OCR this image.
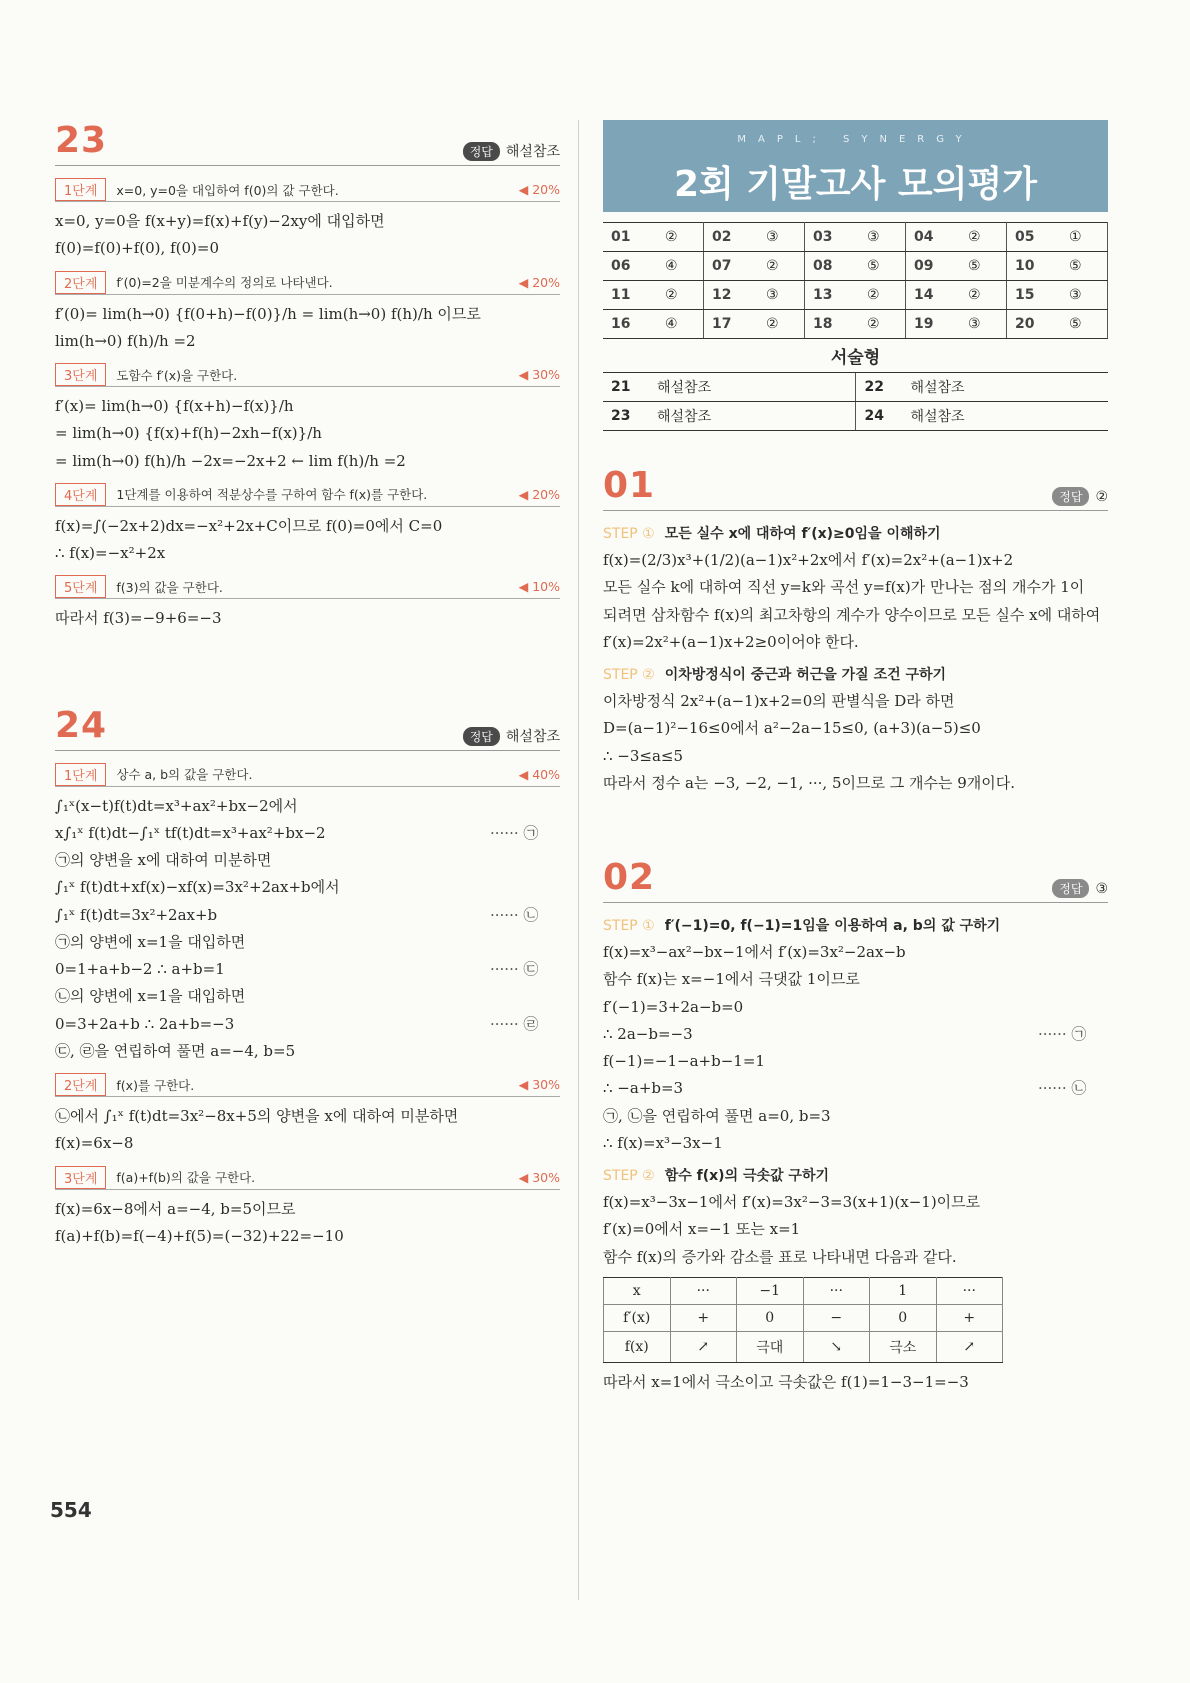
23	정답 해설참조
1단계	x=0, y=0을 대입하여 f(0)의 값 구한다.	◀ 20%
x=0, y=0을 f(x+y)=f(x)+f(y)−2xy에 대입하면
f(0)=f(0)+f(0), f(0)=0
2단계	f′(0)=2을 미분계수의 정의로 나타낸다.	◀ 20%
f′(0)= lim(h→0) {f(0+h)−f(0)}/h = lim(h→0) f(h)/h 이므로
lim(h→0) f(h)/h =2
3단계	도함수 f′(x)을 구한다.	◀ 30%
f′(x)= lim(h→0) {f(x+h)−f(x)}/h
= lim(h→0) {f(x)+f(h)−2xh−f(x)}/h
= lim(h→0) f(h)/h −2x=−2x+2 ← lim f(h)/h =2
4단계	1단계를 이용하여 적분상수를 구하여 함수 f(x)를 구한다.	◀ 20%
f(x)=∫(−2x+2)dx=−x²+2x+C이므로 f(0)=0에서 C=0
∴ f(x)=−x²+2x
5단계	f(3)의 값을 구한다.	◀ 10%
따라서 f(3)=−9+6=−3
24	정답 해설참조
1단계	상수 a, b의 값을 구한다.	◀ 40%
∫₁ˣ(x−t)f(t)dt=x³+ax²+bx−2에서
x∫₁ˣ f(t)dt−∫₁ˣ tf(t)dt=x³+ax²+bx−2	······ ㉠
㉠의 양변을 x에 대하여 미분하면
∫₁ˣ f(t)dt+xf(x)−xf(x)=3x²+2ax+b에서
∫₁ˣ f(t)dt=3x²+2ax+b	······ ㉡
㉠의 양변에 x=1을 대입하면
0=1+a+b−2 ∴ a+b=1	······ ㉢
㉡의 양변에 x=1을 대입하면
0=3+2a+b ∴ 2a+b=−3	······ ㉣
㉢, ㉣을 연립하여 풀면 a=−4, b=5
2단계	f(x)를 구한다.	◀ 30%
㉡에서 ∫₁ˣ f(t)dt=3x²−8x+5의 양변을 x에 대하여 미분하면
f(x)=6x−8
3단계	f(a)+f(b)의 값을 구한다.	◀ 30%
f(x)=6x−8에서 a=−4, b=5이므로
f(a)+f(b)=f(−4)+f(5)=(−32)+22=−10
MAPL; SYNERGY
2회 기말고사 모의평가
01	②	02	③	03	③	04	②	05	①
06	④	07	②	08	⑤	09	⑤	10	⑤
11	②	12	③	13	②	14	②	15	③
16	④	17	②	18	②	19	③	20	⑤
서술형
21	해설참조	22	해설참조
23	해설참조	24	해설참조
01	정답 ②
STEP ① 모든 실수 x에 대하여 f′(x)≥0임을 이해하기
f(x)=(2/3)x³+(1/2)(a−1)x²+2x에서 f′(x)=2x²+(a−1)x+2
모든 실수 k에 대하여 직선 y=k와 곡선 y=f(x)가 만나는 점의 개수가 1이
되려면 삼차함수 f(x)의 최고차항의 계수가 양수이므로 모든 실수 x에 대하여
f′(x)=2x²+(a−1)x+2≥0이어야 한다.
STEP ② 이차방정식이 중근과 허근을 가질 조건 구하기
이차방정식 2x²+(a−1)x+2=0의 판별식을 D라 하면
D=(a−1)²−16≤0에서 a²−2a−15≤0, (a+3)(a−5)≤0
∴ −3≤a≤5
따라서 정수 a는 −3, −2, −1, ···, 5이므로 그 개수는 9개이다.
02	정답 ③
STEP ① f′(−1)=0, f(−1)=1임을 이용하여 a, b의 값 구하기
f(x)=x³−ax²−bx−1에서 f′(x)=3x²−2ax−b
함수 f(x)는 x=−1에서 극댓값 1이므로
f′(−1)=3+2a−b=0
∴ 2a−b=−3	······ ㉠
f(−1)=−1−a+b−1=1
∴ −a+b=3	······ ㉡
㉠, ㉡을 연립하여 풀면 a=0, b=3
∴ f(x)=x³−3x−1
STEP ② 함수 f(x)의 극솟값 구하기
f(x)=x³−3x−1에서 f′(x)=3x²−3=3(x+1)(x−1)이므로
f′(x)=0에서 x=−1 또는 x=1
함수 f(x)의 증가와 감소를 표로 나타내면 다음과 같다.
x	···	−1	···	1	···
f′(x)	+	0	−	0	+
f(x)	↗	극대	↘	극소	↗
따라서 x=1에서 극소이고 극솟값은 f(1)=1−3−1=−3
554
